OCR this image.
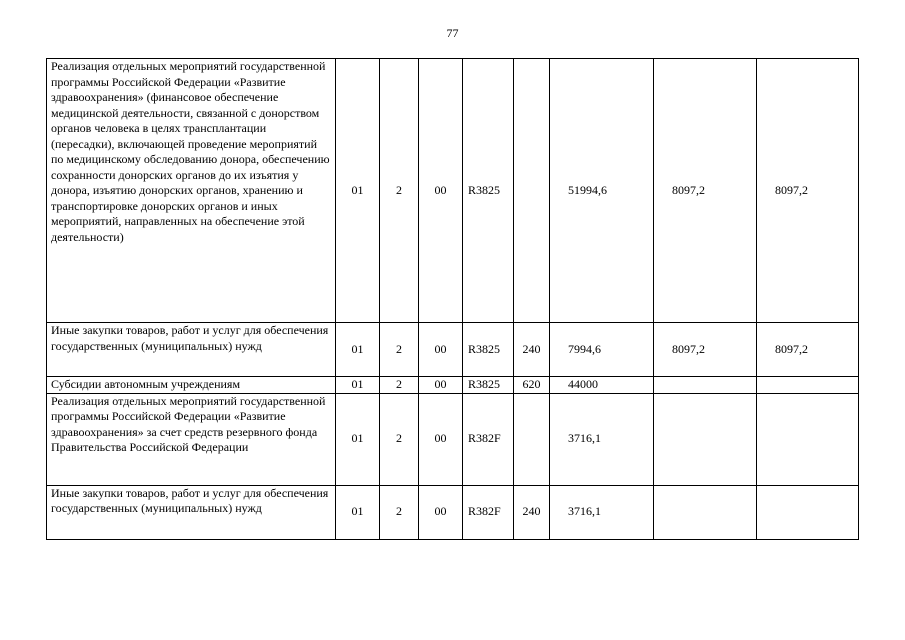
77
Реализация отдельных мероприятий государственной программы Российской Федерации «Развитие здравоохранения» (финансовое обеспечение медицинской деятельности, связанной с донорством органов человека в целях трансплантации (пересадки), включающей проведение мероприятий по медицинскому обследованию донора, обеспечению сохранности донорских органов до их изъятия у донора, изъятию донорских органов, хранению и транспортировке донорских органов и иных мероприятий, направленных на обеспечение этой деятельности)	01	2	00	R3825		51994,6	8097,2	8097,2
Иные закупки товаров, работ и услуг для обеспечения государственных (муниципальных) нужд	01	2	00	R3825	240	7994,6	8097,2	8097,2
Субсидии автономным учреждениям	01	2	00	R3825	620	44000		
Реализация отдельных мероприятий государственной программы Российской Федерации «Развитие здравоохранения» за счет средств резервного фонда Правительства Российской Федерации	01	2	00	R382F		3716,1		
Иные закупки товаров, работ и услуг для обеспечения государственных (муниципальных) нужд	01	2	00	R382F	240	3716,1		
